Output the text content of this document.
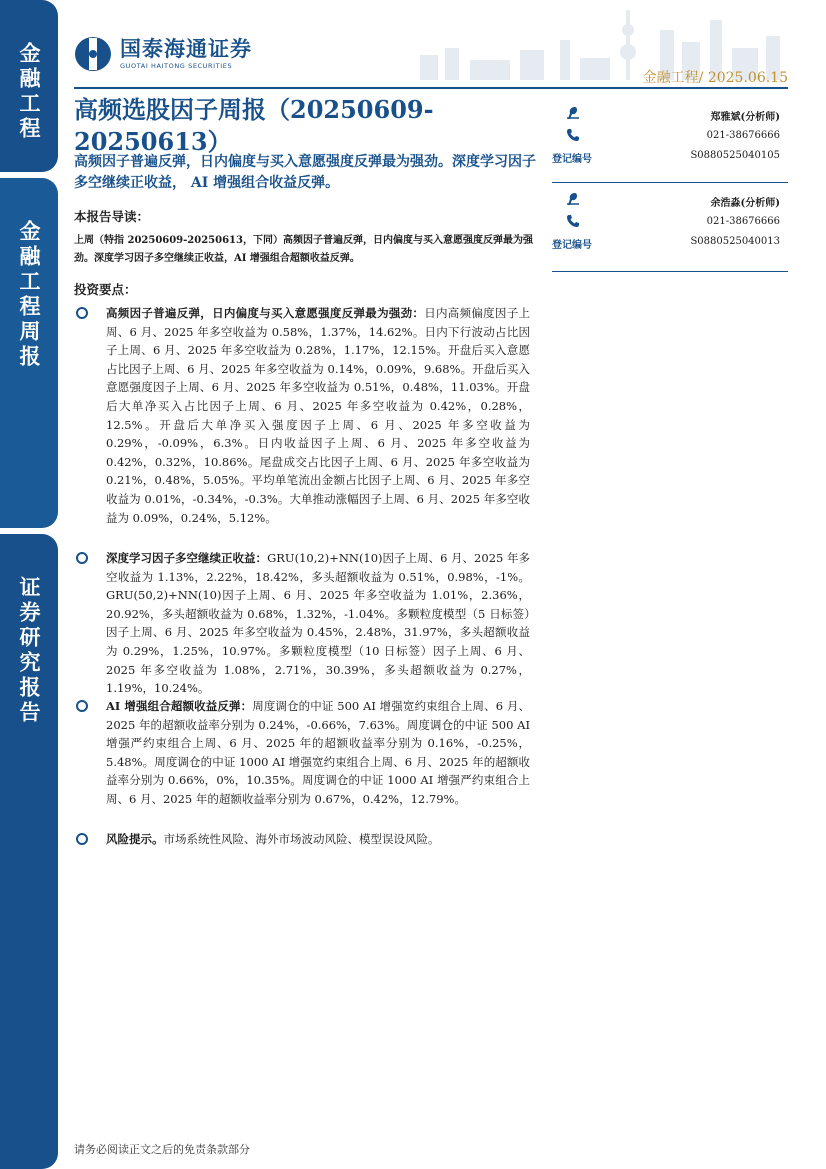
金融工程
金融工程周报
证券研究报告
国泰海通证券
GUOTAI HAITONG SECURITIES
金融工程/ 2025.06.15
高频选股因子周报（20250609-20250613）
高频因子普遍反弹，日内偏度与买入意愿强度反弹最为强劲。深度学习因子多空继续正收益， AI 增强组合收益反弹。
本报告导读：
上周（特指 20250609-20250613，下同）高频因子普遍反弹，日内偏度与买入意愿强度反弹最为强劲。深度学习因子多空继续正收益，AI 增强组合超额收益反弹。
投资要点：
高频因子普遍反弹，日内偏度与买入意愿强度反弹最为强劲：日内高频偏度因子上周、6 月、2025 年多空收益为 0.58%，1.37%，14.62%。日内下行波动占比因子上周、6 月、2025 年多空收益为 0.28%，1.17%，12.15%。开盘后买入意愿占比因子上周、6 月、2025 年多空收益为 0.14%，0.09%，9.68%。开盘后买入意愿强度因子上周、6 月、2025 年多空收益为 0.51%，0.48%，11.03%。开盘后大单净买入占比因子上周、6 月、2025 年多空收益为 0.42%，0.28%，12.5%。开盘后大单净买入强度因子上周、6 月、2025 年多空收益为 0.29%，-0.09%，6.3%。日内收益因子上周、6 月、2025 年多空收益为 0.42%，0.32%，10.86%。尾盘成交占比因子上周、6 月、2025 年多空收益为 0.21%，0.48%，5.05%。平均单笔流出金额占比因子上周、6 月、2025 年多空收益为 0.01%，-0.34%，-0.3%。大单推动涨幅因子上周、6 月、2025 年多空收益为 0.09%，0.24%，5.12%。
深度学习因子多空继续正收益：GRU(10,2)+NN(10)因子上周、6 月、2025 年多空收益为 1.13%，2.22%，18.42%，多头超额收益为 0.51%，0.98%，-1%。GRU(50,2)+NN(10)因子上周、6 月、2025 年多空收益为 1.01%，2.36%，20.92%，多头超额收益为 0.68%，1.32%，-1.04%。多颗粒度模型（5 日标签）因子上周、6 月、2025 年多空收益为 0.45%，2.48%，31.97%，多头超额收益为 0.29%，1.25%，10.97%。多颗粒度模型（10 日标签）因子上周、6 月、2025 年多空收益为 1.08%，2.71%，30.39%，多头超额收益为 0.27%，1.19%，10.24%。
AI 增强组合超额收益反弹：周度调仓的中证 500 AI 增强宽约束组合上周、6 月、2025 年的超额收益率分别为 0.24%，-0.66%，7.63%。周度调仓的中证 500 AI 增强严约束组合上周、6 月、2025 年的超额收益率分别为 0.16%，-0.25%，5.48%。周度调仓的中证 1000 AI 增强宽约束组合上周、6 月、2025 年的超额收益率分别为 0.66%，0%，10.35%。周度调仓的中证 1000 AI 增强严约束组合上周、6 月、2025 年的超额收益率分别为 0.67%，0.42%，12.79%。
风险提示。市场系统性风险、海外市场波动风险、模型误设风险。
郑雅斌(分析师)
021-38676666
登记编号	S0880525040105
余浩淼(分析师)
021-38676666
登记编号	S0880525040013
请务必阅读正文之后的免责条款部分
